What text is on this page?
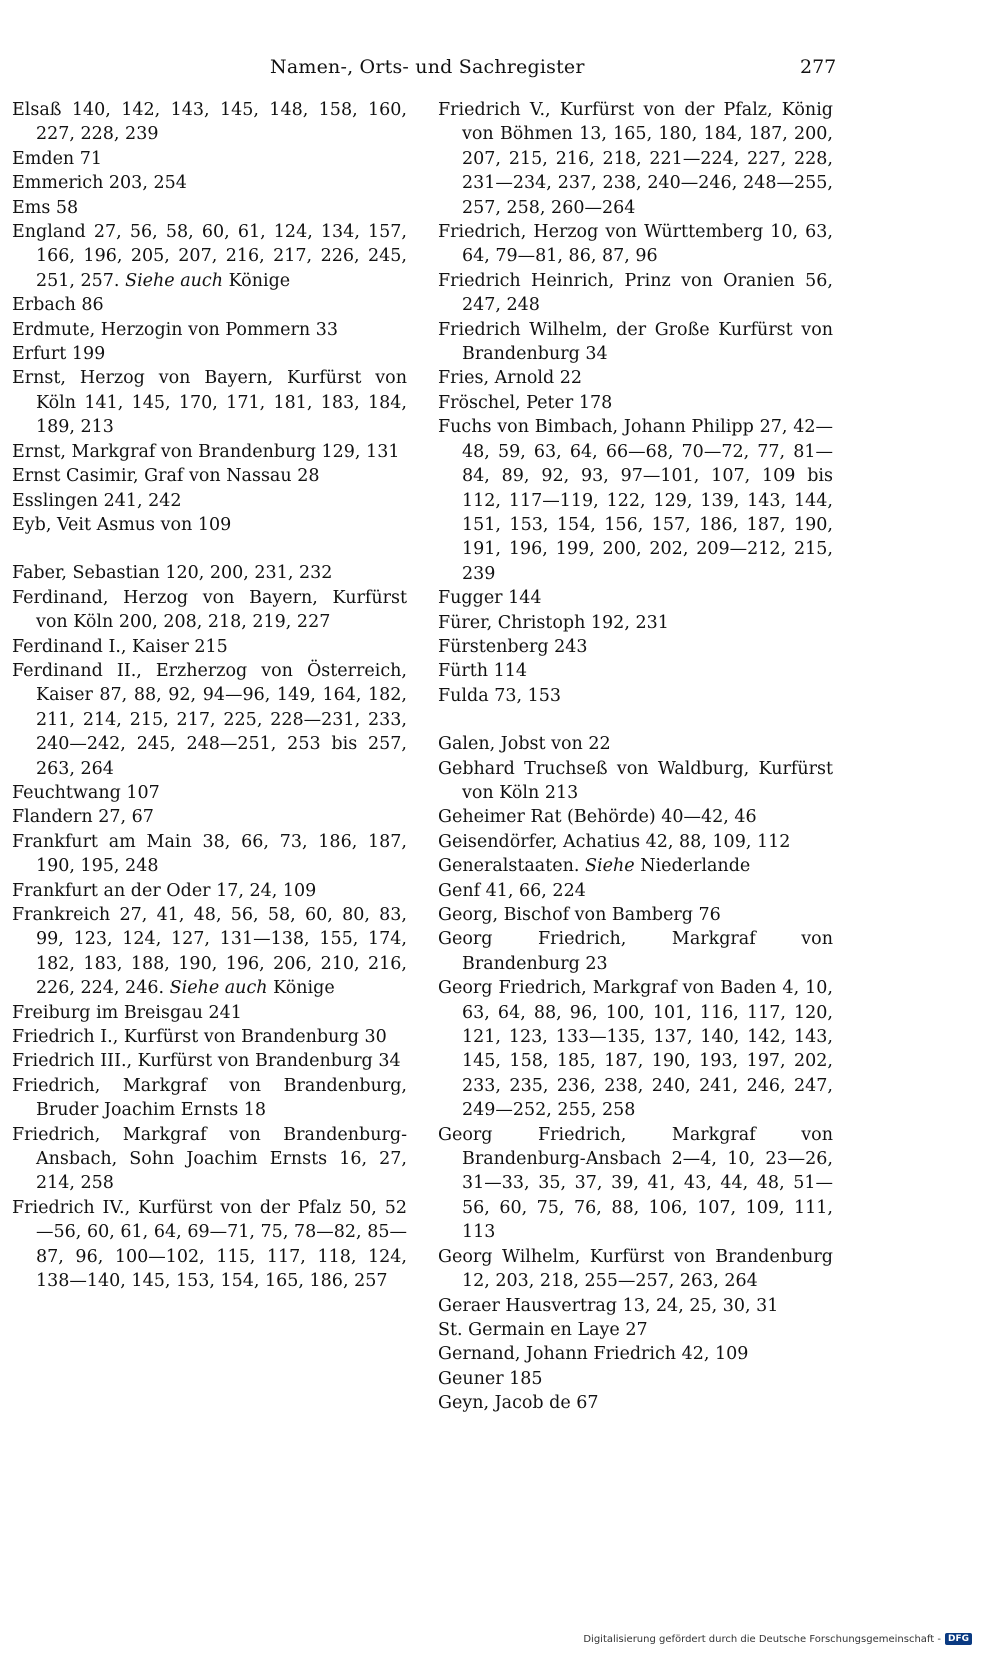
Namen-, Orts- und Sachregister	277
Elsaß 140, 142, 143, 145, 148, 158, 160, 227, 228, 239
Emden 71
Emmerich 203, 254
Ems 58
England 27, 56, 58, 60, 61, 124, 134, 157, 166, 196, 205, 207, 216, 217, 226, 245, 251, 257. Siehe auch Könige
Erbach 86
Erdmute, Herzogin von Pommern 33
Erfurt 199
Ernst, Herzog von Bayern, Kurfürst von Köln 141, 145, 170, 171, 181, 183, 184, 189, 213
Ernst, Markgraf von Brandenburg 129, 131
Ernst Casimir, Graf von Nassau 28
Esslingen 241, 242
Eyb, Veit Asmus von 109
Faber, Sebastian 120, 200, 231, 232
Ferdinand, Herzog von Bayern, Kurfürst von Köln 200, 208, 218, 219, 227
Ferdinand I., Kaiser 215
Ferdinand II., Erzherzog von Österreich, Kaiser 87, 88, 92, 94—96, 149, 164, 182, 211, 214, 215, 217, 225, 228—231, 233, 240—242, 245, 248—251, 253 bis 257, 263, 264
Feuchtwang 107
Flandern 27, 67
Frankfurt am Main 38, 66, 73, 186, 187, 190, 195, 248
Frankfurt an der Oder 17, 24, 109
Frankreich 27, 41, 48, 56, 58, 60, 80, 83, 99, 123, 124, 127, 131—138, 155, 174, 182, 183, 188, 190, 196, 206, 210, 216, 226, 224, 246. Siehe auch Könige
Freiburg im Breisgau 241
Friedrich I., Kurfürst von Brandenburg 30
Friedrich III., Kurfürst von Brandenburg 34
Friedrich, Markgraf von Brandenburg, Bruder Joachim Ernsts 18
Friedrich, Markgraf von Brandenburg-Ansbach, Sohn Joachim Ernsts 16, 27, 214, 258
Friedrich IV., Kurfürst von der Pfalz 50, 52—56, 60, 61, 64, 69—71, 75, 78—82, 85—87, 96, 100—102, 115, 117, 118, 124, 138—140, 145, 153, 154, 165, 186, 257
Friedrich V., Kurfürst von der Pfalz, König von Böhmen 13, 165, 180, 184, 187, 200, 207, 215, 216, 218, 221—224, 227, 228, 231—234, 237, 238, 240—246, 248—255, 257, 258, 260—264
Friedrich, Herzog von Württemberg 10, 63, 64, 79—81, 86, 87, 96
Friedrich Heinrich, Prinz von Oranien 56, 247, 248
Friedrich Wilhelm, der Große Kurfürst von Brandenburg 34
Fries, Arnold 22
Fröschel, Peter 178
Fuchs von Bimbach, Johann Philipp 27, 42—48, 59, 63, 64, 66—68, 70—72, 77, 81—84, 89, 92, 93, 97—101, 107, 109 bis 112, 117—119, 122, 129, 139, 143, 144, 151, 153, 154, 156, 157, 186, 187, 190, 191, 196, 199, 200, 202, 209—212, 215, 239
Fugger 144
Fürer, Christoph 192, 231
Fürstenberg 243
Fürth 114
Fulda 73, 153
Galen, Jobst von 22
Gebhard Truchseß von Waldburg, Kurfürst von Köln 213
Geheimer Rat (Behörde) 40—42, 46
Geisendörfer, Achatius 42, 88, 109, 112
Generalstaaten. Siehe Niederlande
Genf 41, 66, 224
Georg, Bischof von Bamberg 76
Georg Friedrich, Markgraf von Brandenburg 23
Georg Friedrich, Markgraf von Baden 4, 10, 63, 64, 88, 96, 100, 101, 116, 117, 120, 121, 123, 133—135, 137, 140, 142, 143, 145, 158, 185, 187, 190, 193, 197, 202, 233, 235, 236, 238, 240, 241, 246, 247, 249—252, 255, 258
Georg Friedrich, Markgraf von Brandenburg-Ansbach 2—4, 10, 23—26, 31—33, 35, 37, 39, 41, 43, 44, 48, 51—56, 60, 75, 76, 88, 106, 107, 109, 111, 113
Georg Wilhelm, Kurfürst von Brandenburg 12, 203, 218, 255—257, 263, 264
Geraer Hausvertrag 13, 24, 25, 30, 31
St. Germain en Laye 27
Gernand, Johann Friedrich 42, 109
Geuner 185
Geyn, Jacob de 67
Digitalisierung gefördert durch die Deutsche Forschungsgemeinschaft - DFG
